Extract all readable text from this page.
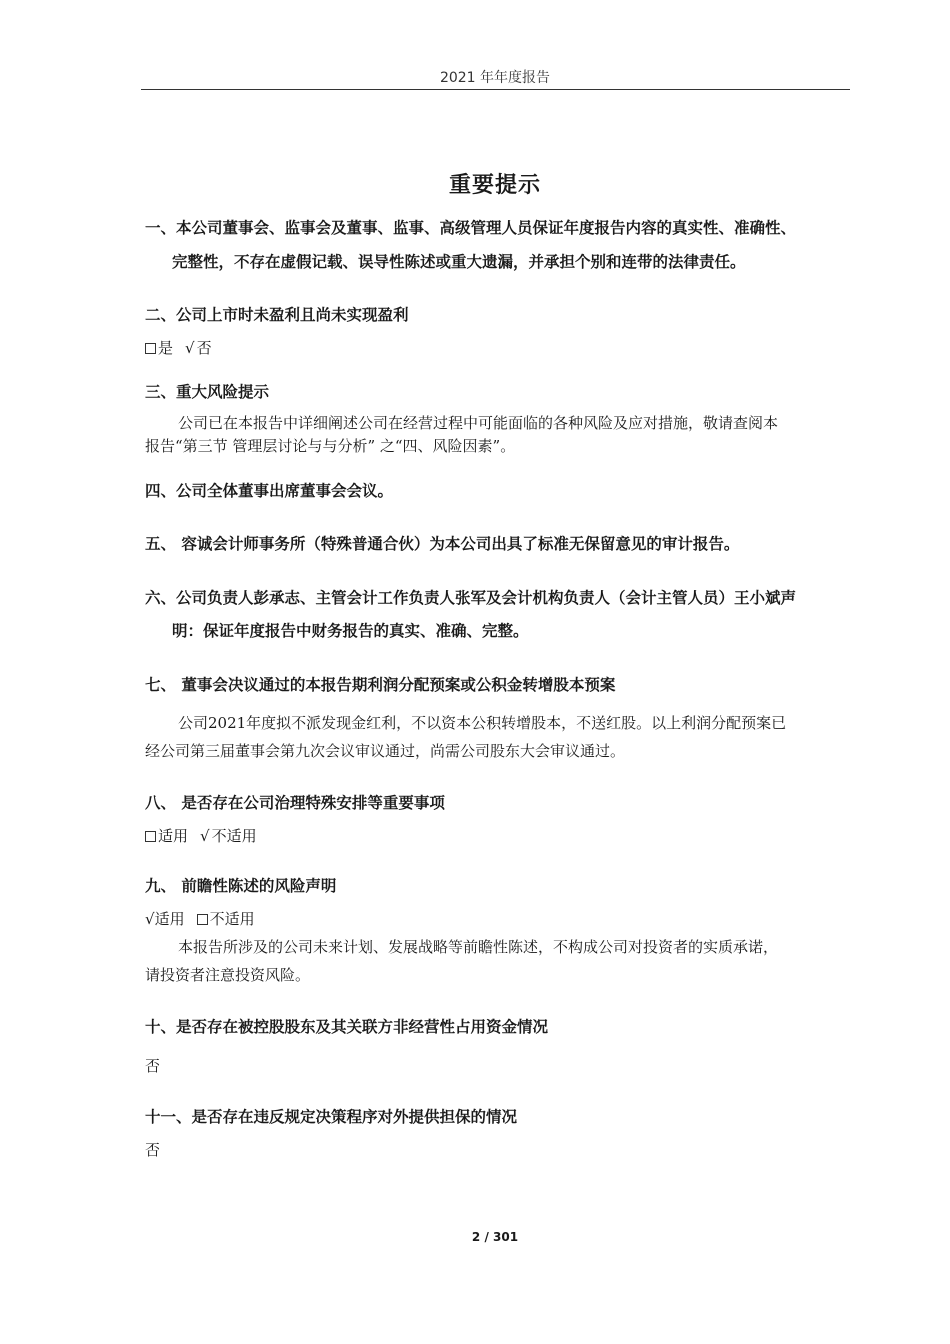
2021 年年度报告
重要提示
一、本公司董事会、监事会及董事、监事、高级管理人员保证年度报告内容的真实性、准确性、
完整性，不存在虚假记载、误导性陈述或重大遗漏，并承担个别和连带的法律责任。
二、公司上市时未盈利且尚未实现盈利
是 √ 否
三、重大风险提示
公司已在本报告中详细阐述公司在经营过程中可能面临的各种风险及应对措施，敬请查阅本
报告“第三节 管理层讨论与与分析” 之“四、风险因素”。
四、公司全体董事出席董事会会议。
五、 容诚会计师事务所（特殊普通合伙）为本公司出具了标准无保留意见的审计报告。
六、公司负责人彭承志、主管会计工作负责人张军及会计机构负责人（会计主管人员）王小斌声
明：保证年度报告中财务报告的真实、准确、完整。
七、 董事会决议通过的本报告期利润分配预案或公积金转增股本预案
公司2021年度拟不派发现金红利，不以资本公积转增股本，不送红股。以上利润分配预案已
经公司第三届董事会第九次会议审议通过，尚需公司股东大会审议通过。
八、 是否存在公司治理特殊安排等重要事项
适用 √ 不适用
九、 前瞻性陈述的风险声明
√适用 不适用
本报告所涉及的公司未来计划、发展战略等前瞻性陈述，不构成公司对投资者的实质承诺，
请投资者注意投资风险。
十、是否存在被控股股东及其关联方非经营性占用资金情况
否
十一、是否存在违反规定决策程序对外提供担保的情况
否
2 / 301
